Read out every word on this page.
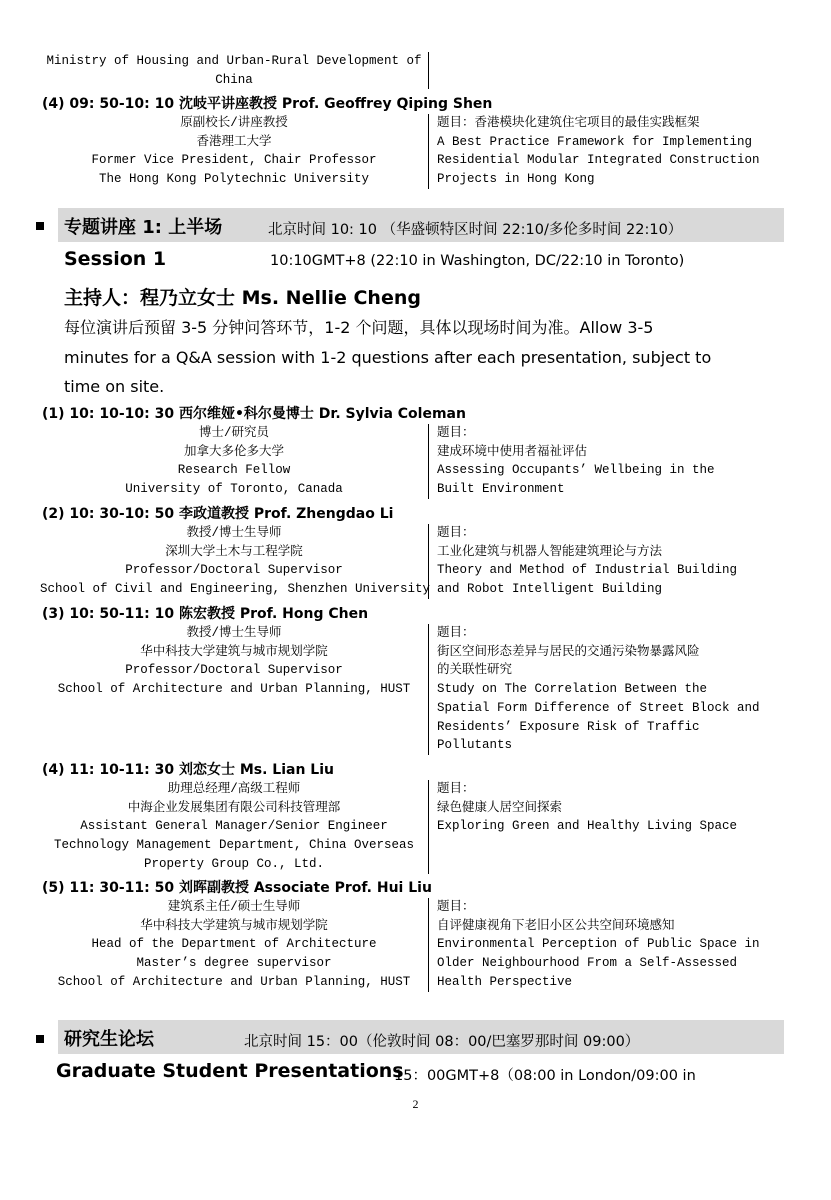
Ministry of Housing and Urban-Rural Development of
China
(4) 09: 50-10: 10 沈岐平讲座教授 Prof. Geoffrey Qiping Shen
原副校长/讲座教授
香港理工大学
Former Vice President, Chair Professor
The Hong Kong Polytechnic University
题目：香港模块化建筑住宅项目的最佳实践框架
A Best Practice Framework for Implementing
Residential Modular Integrated Construction
Projects in Hong Kong
专题讲座 1: 上半场	北京时间 10: 10 （华盛顿特区时间 22:10/多伦多时间 22:10）
Session 1	10:10GMT+8 (22:10 in Washington, DC/22:10 in Toronto)
主持人：程乃立女士 Ms. Nellie Cheng
每位演讲后预留 3-5 分钟问答环节，1-2 个问题，具体以现场时间为准。Allow 3-5
minutes for a Q&A session with 1-2 questions after each presentation, subject to
time on site.
(1) 10: 10-10: 30 西尔维娅•科尔曼博士 Dr. Sylvia Coleman
博士/研究员
加拿大多伦多大学
Research Fellow
University of Toronto, Canada
题目：
建成环境中使用者福祉评估
Assessing Occupants’ Wellbeing in the
Built Environment
(2) 10: 30-10: 50 李政道教授 Prof. Zhengdao Li
教授/博士生导师
深圳大学土木与工程学院
Professor/Doctoral Supervisor
School of Civil and Engineering, Shenzhen University
题目：
工业化建筑与机器人智能建筑理论与方法
Theory and Method of Industrial Building
and Robot Intelligent Building
(3) 10: 50-11: 10 陈宏教授 Prof. Hong Chen
教授/博士生导师
华中科技大学建筑与城市规划学院
Professor/Doctoral Supervisor
School of Architecture and Urban Planning, HUST
题目：
街区空间形态差异与居民的交通污染物暴露风险
的关联性研究
Study on The Correlation Between the
Spatial Form Difference of Street Block and
Residents’ Exposure Risk of Traffic
Pollutants
(4) 11: 10-11: 30 刘恋女士 Ms. Lian Liu
助理总经理/高级工程师
中海企业发展集团有限公司科技管理部
Assistant General Manager/Senior Engineer
Technology Management Department, China Overseas
Property Group Co., Ltd.
题目：
绿色健康人居空间探索
Exploring Green and Healthy Living Space
(5) 11: 30-11: 50 刘晖副教授 Associate Prof. Hui Liu
建筑系主任/硕士生导师
华中科技大学建筑与城市规划学院
Head of the Department of Architecture
Master’s degree supervisor
School of Architecture and Urban Planning, HUST
题目：
自评健康视角下老旧小区公共空间环境感知
Environmental Perception of Public Space in
Older Neighbourhood From a Self-Assessed
Health Perspective
研究生论坛	北京时间 15：00（伦敦时间 08：00/巴塞罗那时间 09:00）
Graduate Student Presentations
15：00GMT+8（08:00 in London/09:00 in
2
